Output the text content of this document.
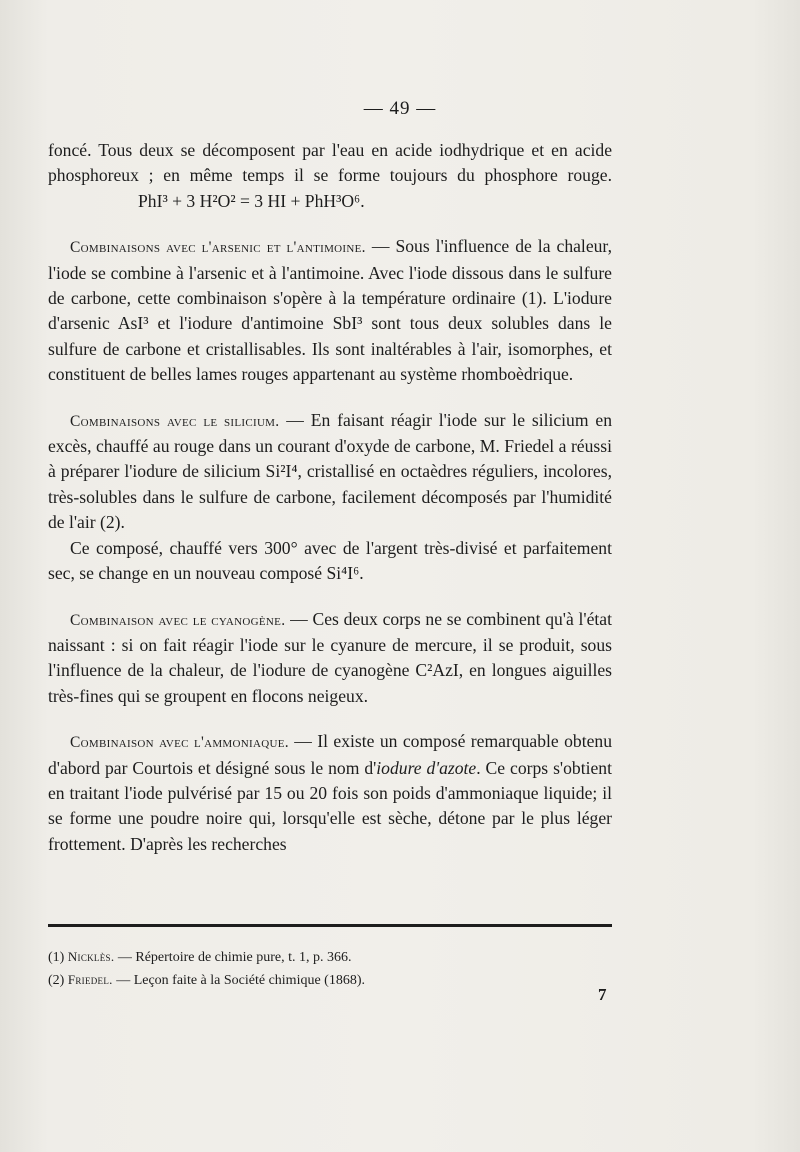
— 49 —

foncé. Tous deux se décomposent par l'eau en acide iodhydrique et en acide phosphoreux ; en même temps il se forme toujours du phosphore rouge. PhI³ + 3 H²O² = 3 HI + PhH³O⁶.

Combinaisons avec l'arsenic et l'antimoine. — Sous l'influence de la chaleur, l'iode se combine à l'arsenic et à l'antimoine. Avec l'iode dissous dans le sulfure de carbone, cette combinaison s'opère à la température ordinaire (1). L'iodure d'arsenic AsI³ et l'iodure d'antimoine SbI³ sont tous deux solubles dans le sulfure de carbone et cristallisables. Ils sont inaltérables à l'air, isomorphes, et constituent de belles lames rouges appartenant au système rhomboèdrique.

Combinaisons avec le silicium. — En faisant réagir l'iode sur le silicium en excès, chauffé au rouge dans un courant d'oxyde de carbone, M. Friedel a réussi à préparer l'iodure de silicium Si²I⁴, cristallisé en octaèdres réguliers, incolores, très-solubles dans le sulfure de carbone, facilement décomposés par l'humidité de l'air (2).

Ce composé, chauffé vers 300° avec de l'argent très-divisé et parfaitement sec, se change en un nouveau composé Si⁴I⁶.

Combinaison avec le cyanogène. — Ces deux corps ne se combinent qu'à l'état naissant : si on fait réagir l'iode sur le cyanure de mercure, il se produit, sous l'influence de la chaleur, de l'iodure de cyanogène C²AzI, en longues aiguilles très-fines qui se groupent en flocons neigeux.

Combinaison avec l'ammoniaque. — Il existe un composé remarquable obtenu d'abord par Courtois et désigné sous le nom d'iodure d'azote. Ce corps s'obtient en traitant l'iode pulvérisé par 15 ou 20 fois son poids d'ammoniaque liquide; il se forme une poudre noire qui, lorsqu'elle est sèche, détone par le plus léger frottement. D'après les recherches

(1) Nicklès. — Répertoire de chimie pure, t. 1, p. 366.

(2) Friedel. — Leçon faite à la Société chimique (1868).

7
